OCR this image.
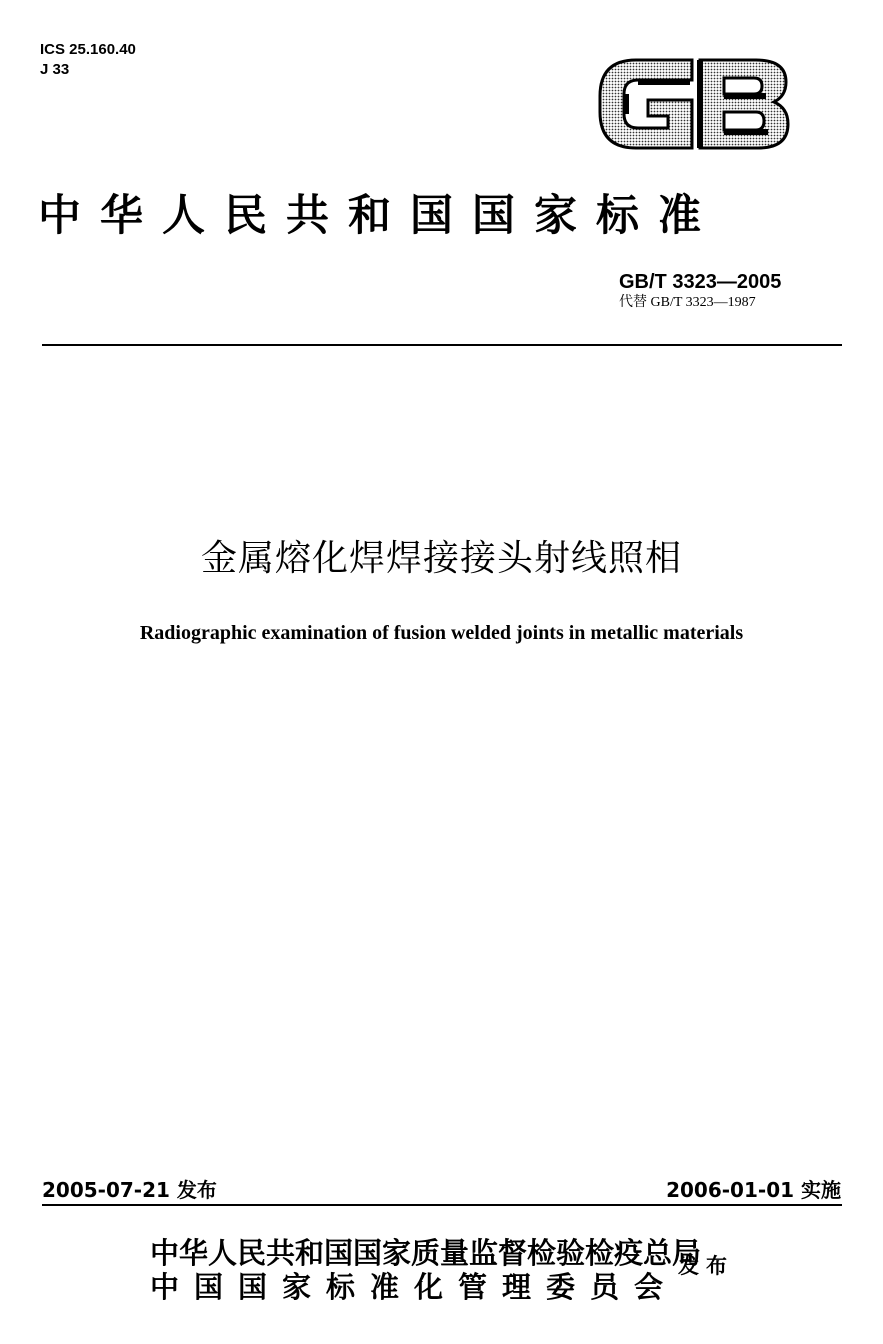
ICS 25.160.40
J 33
中华人民共和国国家标准
GB/T 3323—2005
代替 GB/T 3323—1987
金属熔化焊焊接接头射线照相
Radiographic examination of fusion welded joints in metallic materials
2005-07-21 发布	2006-01-01 实施
中华人民共和国国家质量监督检验检疫总局
中国国家标准化管理委员会
发布
